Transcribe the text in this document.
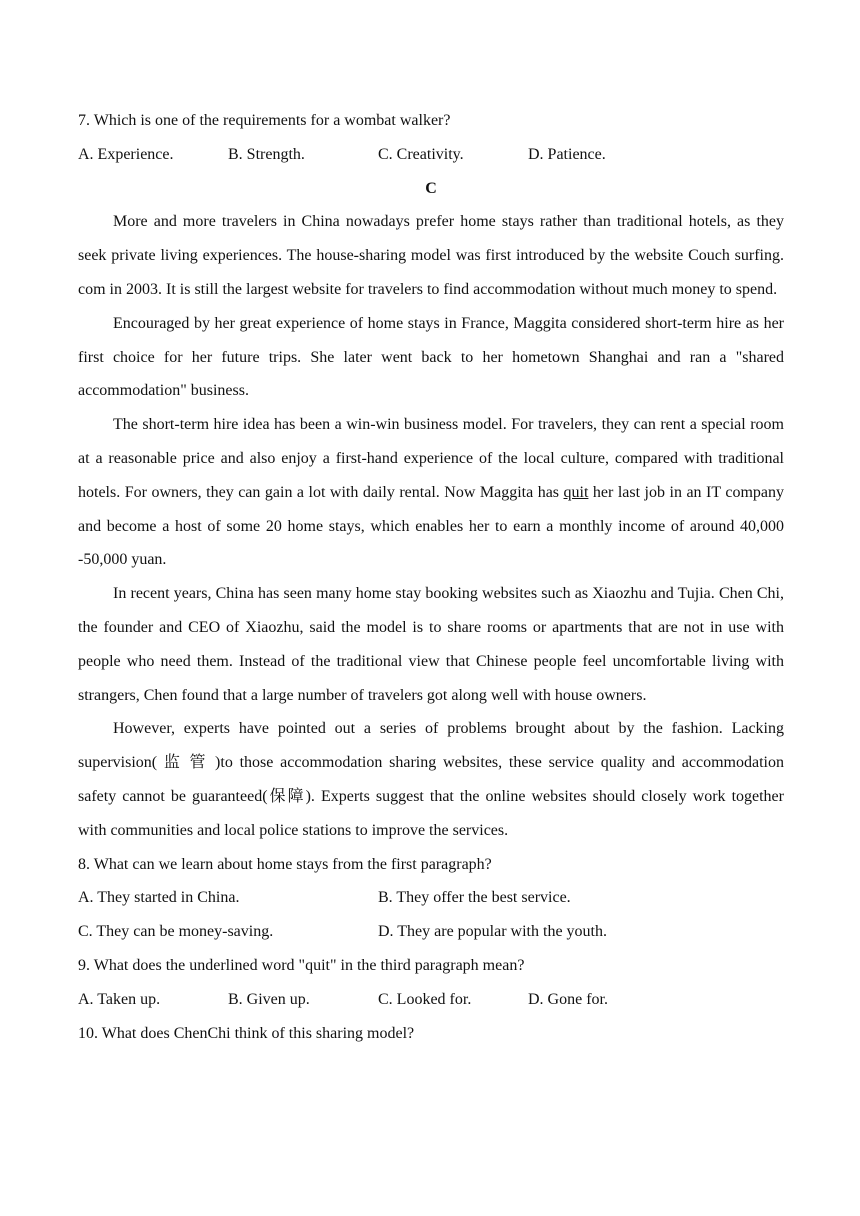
7. Which is one of the requirements for a wombat walker?

A. Experience.	B. Strength.	C. Creativity.	D. Patience.

C

More and more travelers in China nowadays prefer home stays rather than traditional hotels, as they seek private living experiences. The house-sharing model was first introduced by the website Couch surfing. com in 2003. It is still the largest website for travelers to find accommodation without much money to spend.

Encouraged by her great experience of home stays in France, Maggita considered short-term hire as her first choice for her future trips. She later went back to her hometown Shanghai and ran a "shared accommodation" business.

The short-term hire idea has been a win-win business model. For travelers, they can rent a special room at a reasonable price and also enjoy a first-hand experience of the local culture, compared with traditional hotels. For owners, they can gain a lot with daily rental. Now Maggita has quit her last job in an IT company and become a host of some 20 home stays, which enables her to earn a monthly income of around 40,000 -50,000 yuan.

In recent years, China has seen many home stay booking websites such as Xiaozhu and Tujia. Chen Chi, the founder and CEO of Xiaozhu, said the model is to share rooms or apartments that are not in use with people who need them. Instead of the traditional view that Chinese people feel uncomfortable living with strangers, Chen found that a large number of travelers got along well with house owners.

However, experts have pointed out a series of problems brought about by the fashion. Lacking supervision( 监 管 )to those accommodation sharing websites, these service quality and accommodation safety cannot be guaranteed(保障). Experts suggest that the online websites should closely work together with communities and local police stations to improve the services.

8. What can we learn about home stays from the first paragraph?

A. They started in China.	B. They offer the best service.
C. They can be money-saving.	D. They are popular with the youth.

9. What does the underlined word "quit" in the third paragraph mean?

A. Taken up.	B. Given up.	C. Looked for.	D. Gone for.

10. What does ChenChi think of this sharing model?
